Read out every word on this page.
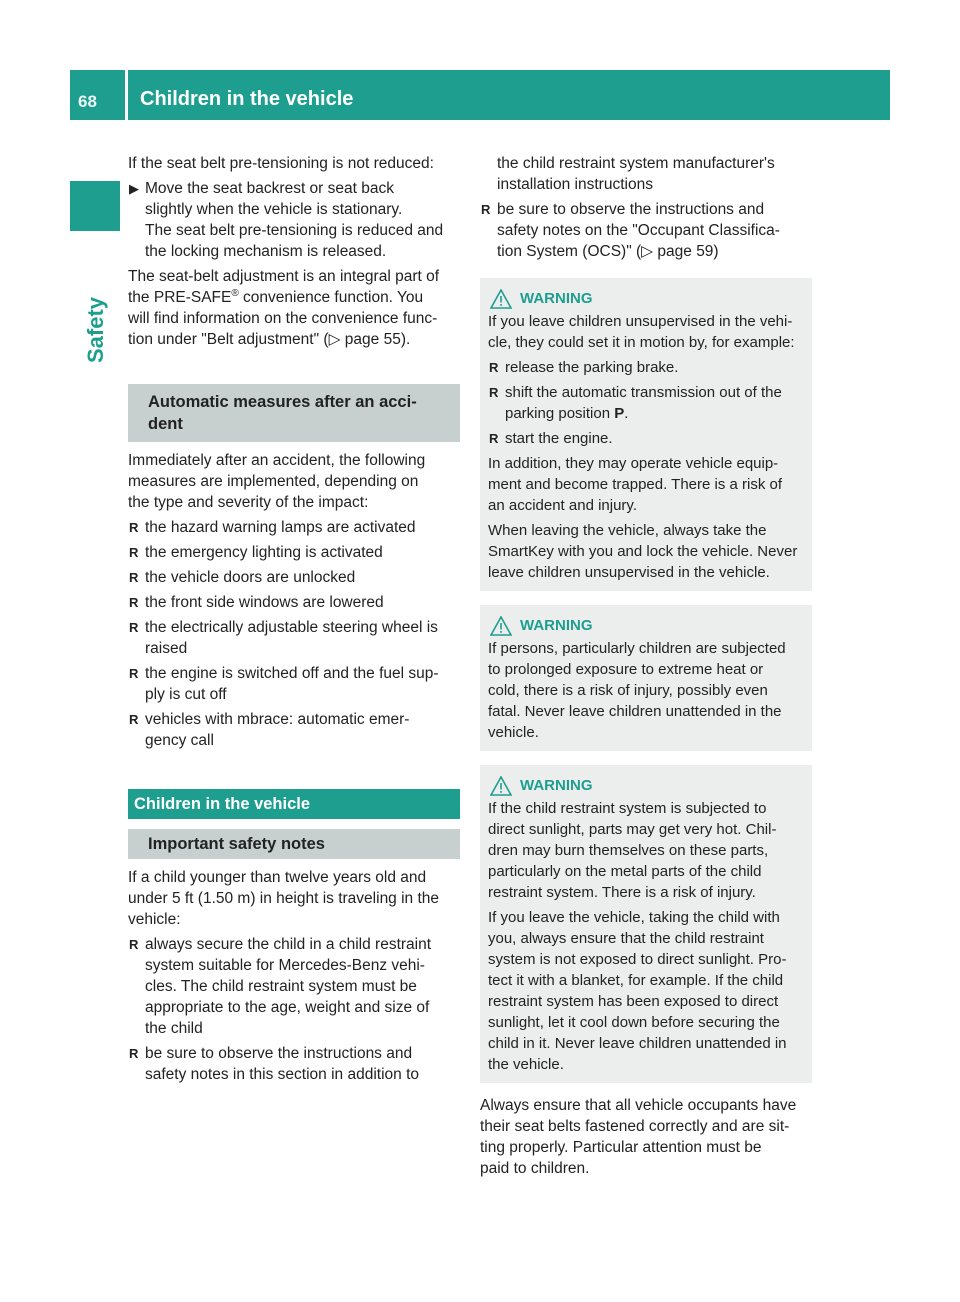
68 Children in the vehicle
Safety

If the seat belt pre-tensioning is not reduced:

▶ Move the seat backrest or seat back
slightly when the vehicle is stationary.
The seat belt pre-tensioning is reduced and
the locking mechanism is released.

The seat-belt adjustment is an integral part of
the PRE-SAFE® convenience function. You
will find information on the convenience func-
tion under "Belt adjustment" (▷ page 55).

Automatic measures after an acci-
dent

Immediately after an accident, the following
measures are implemented, depending on
the type and severity of the impact:

R the hazard warning lamps are activated
R the emergency lighting is activated
R the vehicle doors are unlocked
R the front side windows are lowered
R the electrically adjustable steering wheel is
raised
R the engine is switched off and the fuel sup-
ply is cut off
R vehicles with mbrace: automatic emer-
gency call
Children in the vehicle
Important safety notes

If a child younger than twelve years old and
under 5 ft (1.50 m) in height is traveling in the
vehicle:

R always secure the child in a child restraint
system suitable for Mercedes-Benz vehi-
cles. The child restraint system must be
appropriate to the age, weight and size of
the child
R be sure to observe the instructions and
safety notes in this section in addition to
the child restraint system manufacturer's
installation instructions
R be sure to observe the instructions and
safety notes on the "Occupant Classifica-
tion System (OCS)" (▷ page 59)
WARNING

If you leave children unsupervised in the vehi-
cle, they could set it in motion by, for example:

R release the parking brake.
R shift the automatic transmission out of the
parking position P.
R start the engine.

In addition, they may operate vehicle equip-
ment and become trapped. There is a risk of
an accident and injury.

When leaving the vehicle, always take the
SmartKey with you and lock the vehicle. Never
leave children unsupervised in the vehicle.

WARNING

If persons, particularly children are subjected
to prolonged exposure to extreme heat or
cold, there is a risk of injury, possibly even
fatal. Never leave children unattended in the
vehicle.

WARNING

If the child restraint system is subjected to
direct sunlight, parts may get very hot. Chil-
dren may burn themselves on these parts,
particularly on the metal parts of the child
restraint system. There is a risk of injury.

If you leave the vehicle, taking the child with
you, always ensure that the child restraint
system is not exposed to direct sunlight. Pro-
tect it with a blanket, for example. If the child
restraint system has been exposed to direct
sunlight, let it cool down before securing the
child in it. Never leave children unattended in
the vehicle.

Always ensure that all vehicle occupants have
their seat belts fastened correctly and are sit-
ting properly. Particular attention must be
paid to children.
